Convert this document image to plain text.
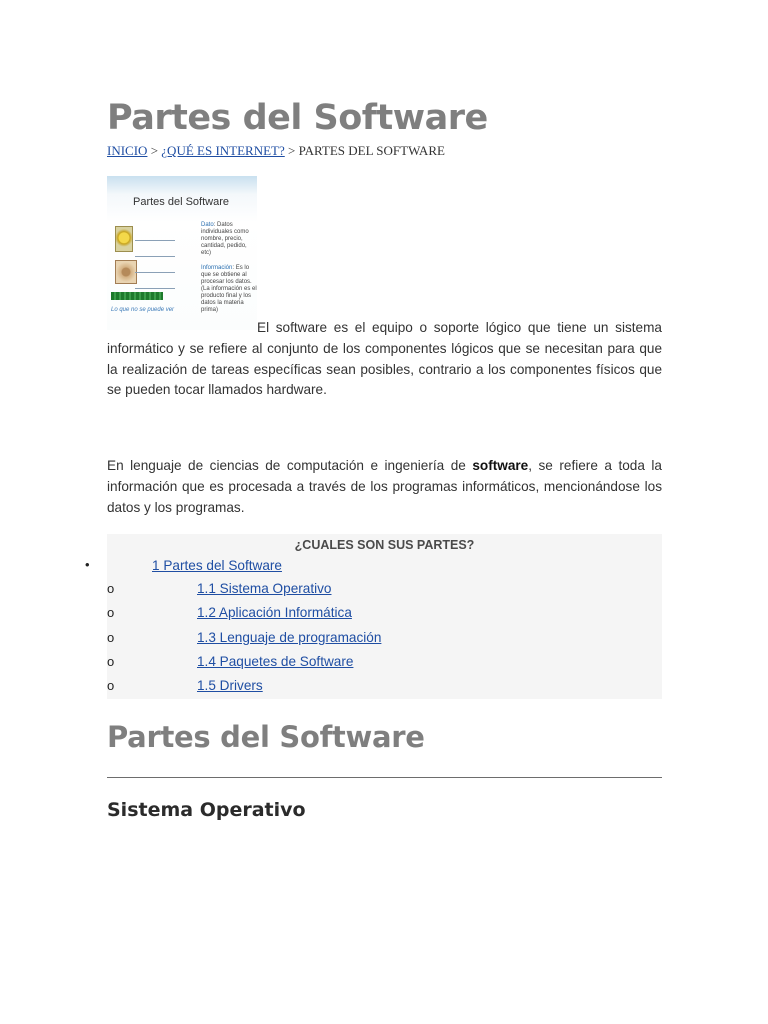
Partes del Software
INICIO > ¿QUÉ ES INTERNET? > PARTES DEL SOFTWARE
Partes del Software
Dato: Datos individuales como nombre, precio, cantidad, pedido, etc)
Información: Es lo que se obtiene al procesar los datos. (La información es el producto final y los datos la materia prima)
Lo que no se puede ver
El software es el equipo o soporte lógico que tiene un sistema informático y se refiere al conjunto de los componentes lógicos que se necesitan para que la realización de tareas específicas sean posibles, contrario a los componentes físicos que se pueden tocar llamados hardware.
En lenguaje de ciencias de computación e ingeniería de software, se refiere a toda la información que es procesada a través de los programas informáticos, mencionándose los datos y los programas.
¿CUALES SON SUS PARTES?
•	1 Partes del Software
o	1.1 Sistema Operativo
o	1.2 Aplicación Informática
o	1.3 Lenguaje de programación
o	1.4 Paquetes de Software
o	1.5 Drivers
Partes del Software
Sistema Operativo
